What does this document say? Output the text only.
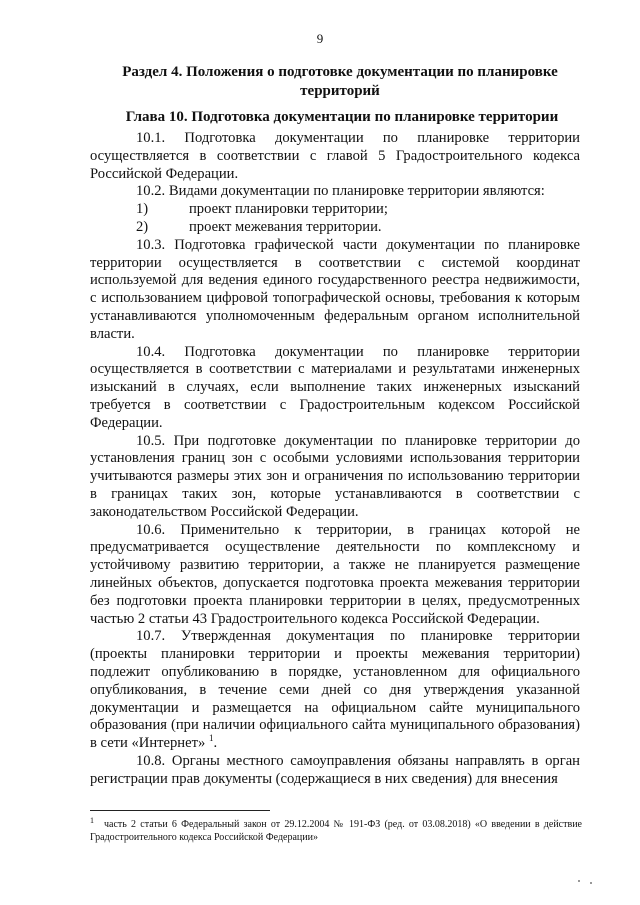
9
Раздел 4. Положения о подготовке документации по планировке территорий
Глава 10. Подготовка документации по планировке территории

10.1. Подготовка документации по планировке территории осуществляется в соответствии с главой 5 Градостроительного кодекса Российской Федерации.

10.2. Видами документации по планировке территории являются:

1)	проект планировки территории;

2)	проект межевания территории.

10.3. Подготовка графической части документации по планировке территории осуществляется в соответствии с системой координат используемой для ведения единого государственного реестра недвижимости, с использованием цифровой топографической основы, требования к которым устанавливаются уполномоченным федеральным органом исполнительной власти.

10.4. Подготовка документации по планировке территории осуществляется в соответствии с материалами и результатами инженерных изысканий в случаях, если выполнение таких инженерных изысканий требуется в соответствии с Градостроительным кодексом Российской Федерации.

10.5. При подготовке документации по планировке территории до установления границ зон с особыми условиями использования территории учитываются размеры этих зон и ограничения по использованию территории в границах таких зон, которые устанавливаются в соответствии с законодательством Российской Федерации.

10.6. Применительно к территории, в границах которой не предусматривается осуществление деятельности по комплексному и устойчивому развитию территории, а также не планируется размещение линейных объектов, допускается подготовка проекта межевания территории без подготовки проекта планировки территории в целях, предусмотренных частью 2 статьи 43 Градостроительного кодекса Российской Федерации.

10.7. Утвержденная документация по планировке территории (проекты планировки территории и проекты межевания территории) подлежит опубликованию в порядке, установленном для официального опубликования, в течение семи дней со дня утверждения указанной документации и размещается на официальном сайте муниципального образования (при наличии официального сайта муниципального образования) в сети «Интернет» $^1$.

10.8. Органы местного самоуправления обязаны направлять в орган регистрации прав документы (содержащиеся в них сведения) для внесения

$^1$ часть 2 статьи 6 Федеральный закон от 29.12.2004 № 191-ФЗ (ред. от 03.08.2018) «О введении в действие Градостроительного кодекса Российской Федерации»
